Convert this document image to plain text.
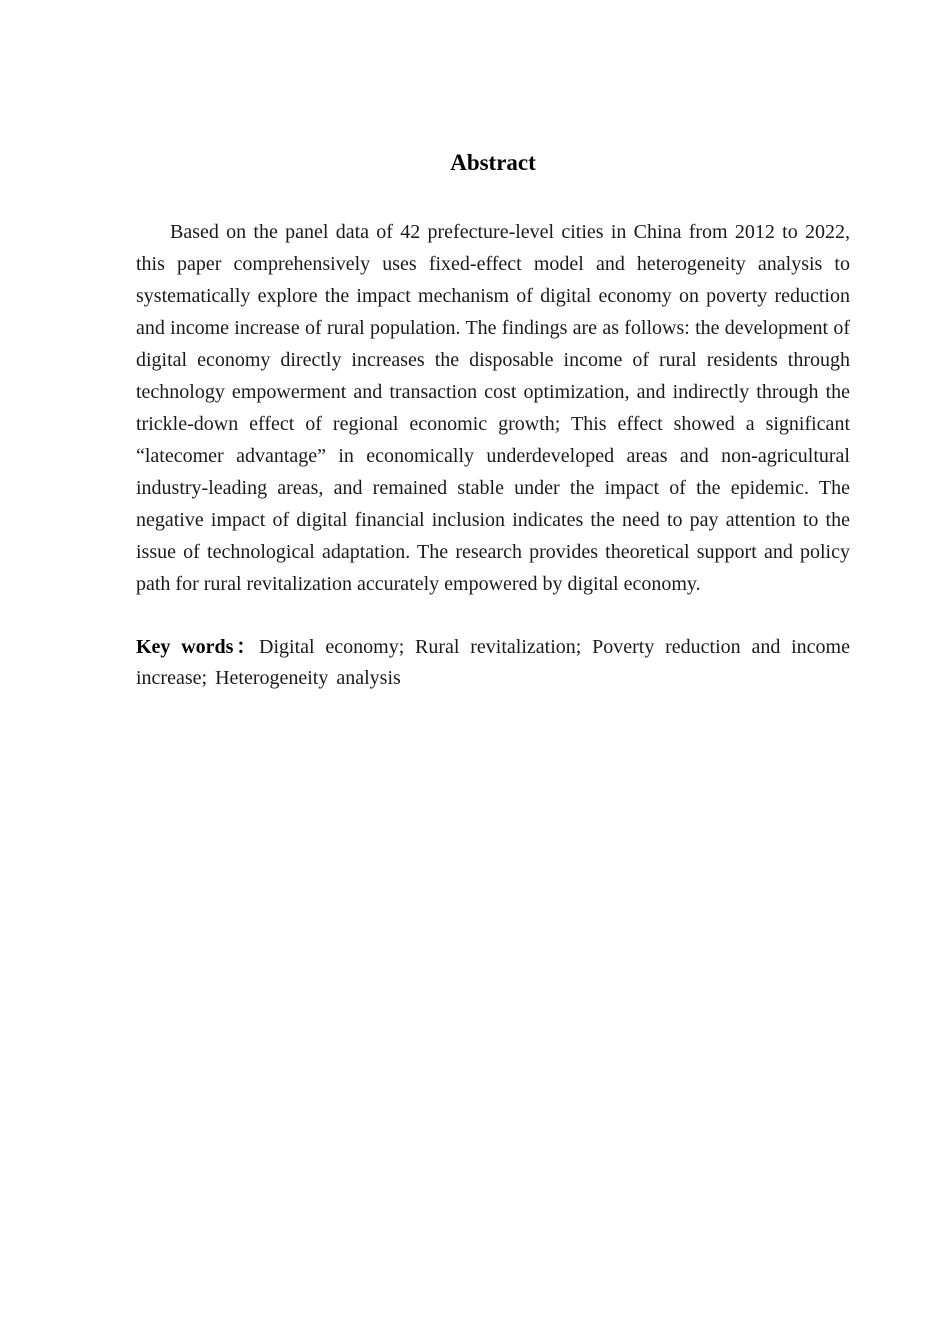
Abstract

Based on the panel data of 42 prefecture-level cities in China from 2012 to 2022, this paper comprehensively uses fixed-effect model and heterogeneity analysis to systematically explore the impact mechanism of digital economy on poverty reduction and income increase of rural population. The findings are as follows: the development of digital economy directly increases the disposable income of rural residents through technology empowerment and transaction cost optimization, and indirectly through the trickle-down effect of regional economic growth; This effect showed a significant “latecomer advantage” in economically underdeveloped areas and non-agricultural industry-leading areas, and remained stable under the impact of the epidemic. The negative impact of digital financial inclusion indicates the need to pay attention to the issue of technological adaptation. The research provides theoretical support and policy path for rural revitalization accurately empowered by digital economy.

Key words：Digital economy; Rural revitalization; Poverty reduction and income increase; Heterogeneity analysis
